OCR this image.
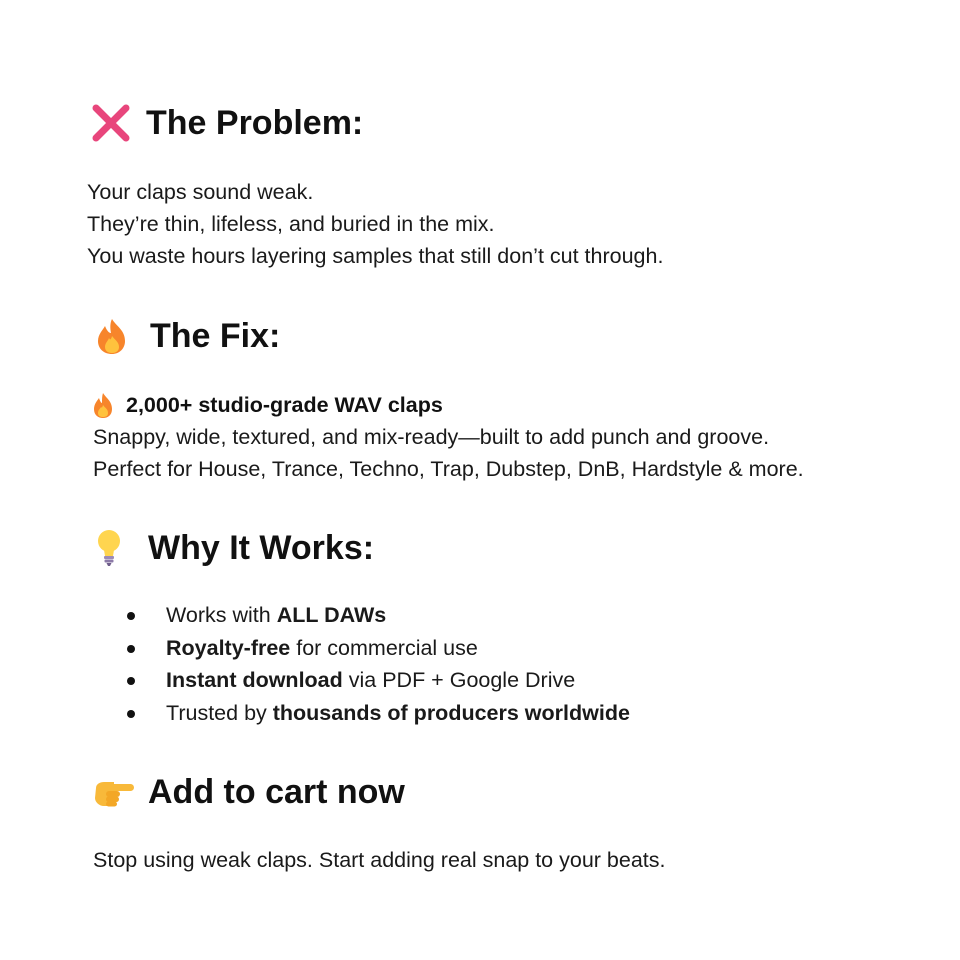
The Problem:
Your claps sound weak.
They’re thin, lifeless, and buried in the mix.
You waste hours layering samples that still don’t cut through.
The Fix:
2,000+ studio-grade WAV claps
Snappy, wide, textured, and mix-ready—built to add punch and groove.
Perfect for House, Trance, Techno, Trap, Dubstep, DnB, Hardstyle & more.
Why It Works:
Works with ALL DAWs
Royalty-free for commercial use
Instant download via PDF + Google Drive
Trusted by thousands of producers worldwide
Add to cart now
Stop using weak claps. Start adding real snap to your beats.
